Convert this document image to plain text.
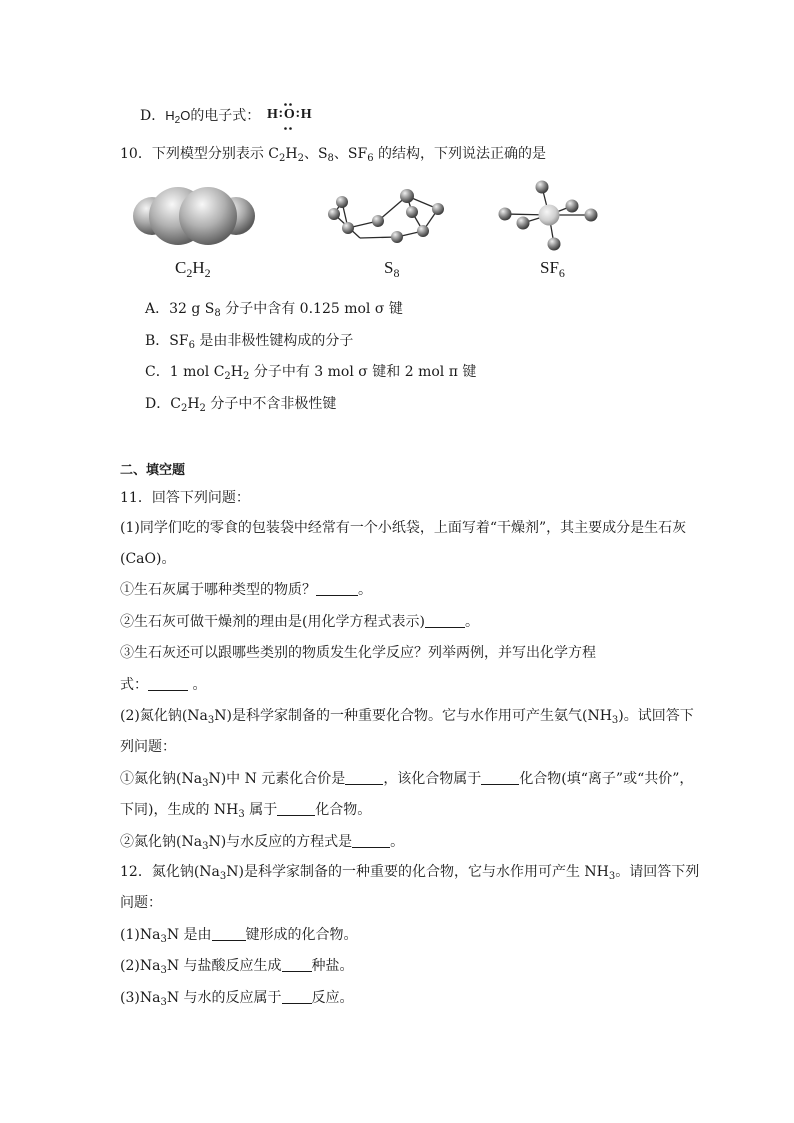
D．$H_2O$的电子式： H:O:H
10．下列模型分别表示 $C_2H_2$、$S_8$、$SF_6$ 的结构，下列说法正确的是
$C_2H_2$	$S_8$	$SF_6$
A．32 g $S_8$ 分子中含有 0.125 mol σ 键
B．$SF_6$ 是由非极性键构成的分子
C．1 mol $C_2H_2$ 分子中有 3 mol σ 键和 2 mol π 键
D．$C_2H_2$ 分子中不含非极性键
二、填空题
11．回答下列问题：
(1)同学们吃的零食的包装袋中经常有一个小纸袋，上面写着“干燥剂”，其主要成分是生石灰
(CaO)。
①生石灰属于哪种类型的物质？	。
②生石灰可做干燥剂的理由是(用化学方程式表示)	。
③生石灰还可以跟哪些类别的物质发生化学反应？列举两例，并写出化学方程
式：	。
(2)氮化钠$(Na_3N)$是科学家制备的一种重要化合物。它与水作用可产生氨气$(NH_3)$。试回答下
列问题：
①氮化钠$(Na_3N)$中 N 元素化合价是	，该化合物属于	化合物(填“离子”或“共价”，
下同)，生成的 $NH_3$ 属于	化合物。
②氮化钠$(Na_3N)$与水反应的方程式是	。
12．氮化钠$(Na_3N)$是科学家制备的一种重要的化合物，它与水作用可产生 $NH_3$。请回答下列
问题：
$(1)Na_3N$ 是由 键形成的化合物。
$(2)Na_3N$ 与盐酸反应生成 种盐。
$(3)Na_3N$ 与水的反应属于 反应。
